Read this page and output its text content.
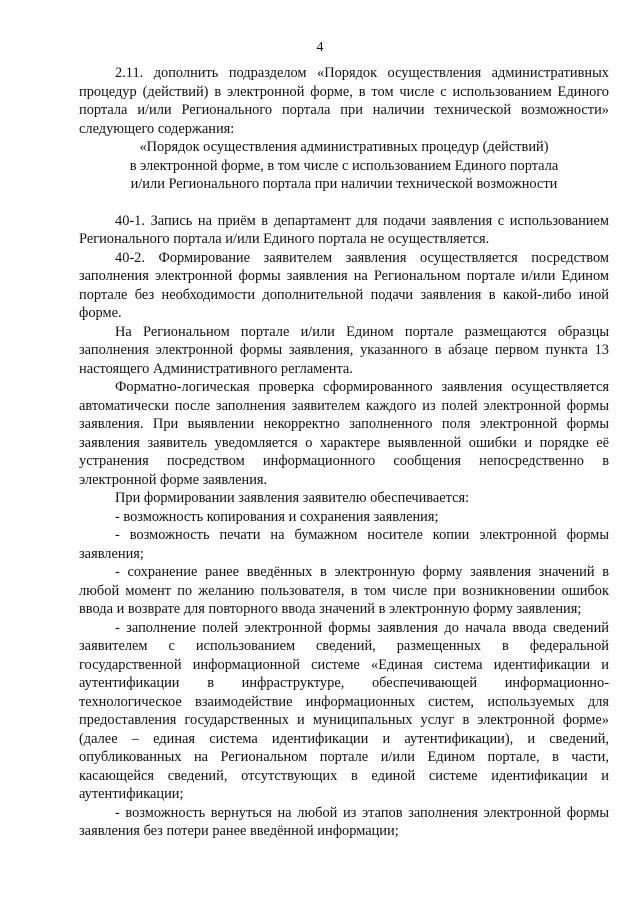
4

2.11. дополнить подразделом «Порядок осуществления административных процедур (действий) в электронной форме, в том числе с использованием Единого портала и/или Регионального портала при наличии технической возможности» следующего содержания:

«Порядок осуществления административных процедур (действий)

в электронной форме, в том числе с использованием Единого портала

и/или Регионального портала при наличии технической возможности

40-1. Запись на приём в департамент для подачи заявления с использованием Регионального портала и/или Единого портала не осуществляется.

40-2. Формирование заявителем заявления осуществляется посредством заполнения электронной формы заявления на Региональном портале и/или Едином портале без необходимости дополнительной подачи заявления в какой-либо иной форме.

На Региональном портале и/или Едином портале размещаются образцы заполнения электронной формы заявления, указанного в абзаце первом пункта 13 настоящего Административного регламента.

Форматно-логическая проверка сформированного заявления осуществляется автоматически после заполнения заявителем каждого из полей электронной формы заявления. При выявлении некорректно заполненного поля электронной формы заявления заявитель уведомляется о характере выявленной ошибки и порядке её устранения посредством информационного сообщения непосредственно в электронной форме заявления.

При формировании заявления заявителю обеспечивается:

- возможность копирования и сохранения заявления;

- возможность печати на бумажном носителе копии электронной формы заявления;

- сохранение ранее введённых в электронную форму заявления значений в любой момент по желанию пользователя, в том числе при возникновении ошибок ввода и возврате для повторного ввода значений в электронную форму заявления;

- заполнение полей электронной формы заявления до начала ввода сведений заявителем с использованием сведений, размещенных в федеральной государственной информационной системе «Единая система идентификации и аутентификации в инфраструктуре, обеспечивающей информационно-технологическое взаимодействие информационных систем, используемых для предоставления государственных и муниципальных услуг в электронной форме» (далее – единая система идентификации и аутентификации), и сведений, опубликованных на Региональном портале и/или Едином портале, в части, касающейся сведений, отсутствующих в единой системе идентификации и аутентификации;

- возможность вернуться на любой из этапов заполнения электронной формы заявления без потери ранее введённой информации;
